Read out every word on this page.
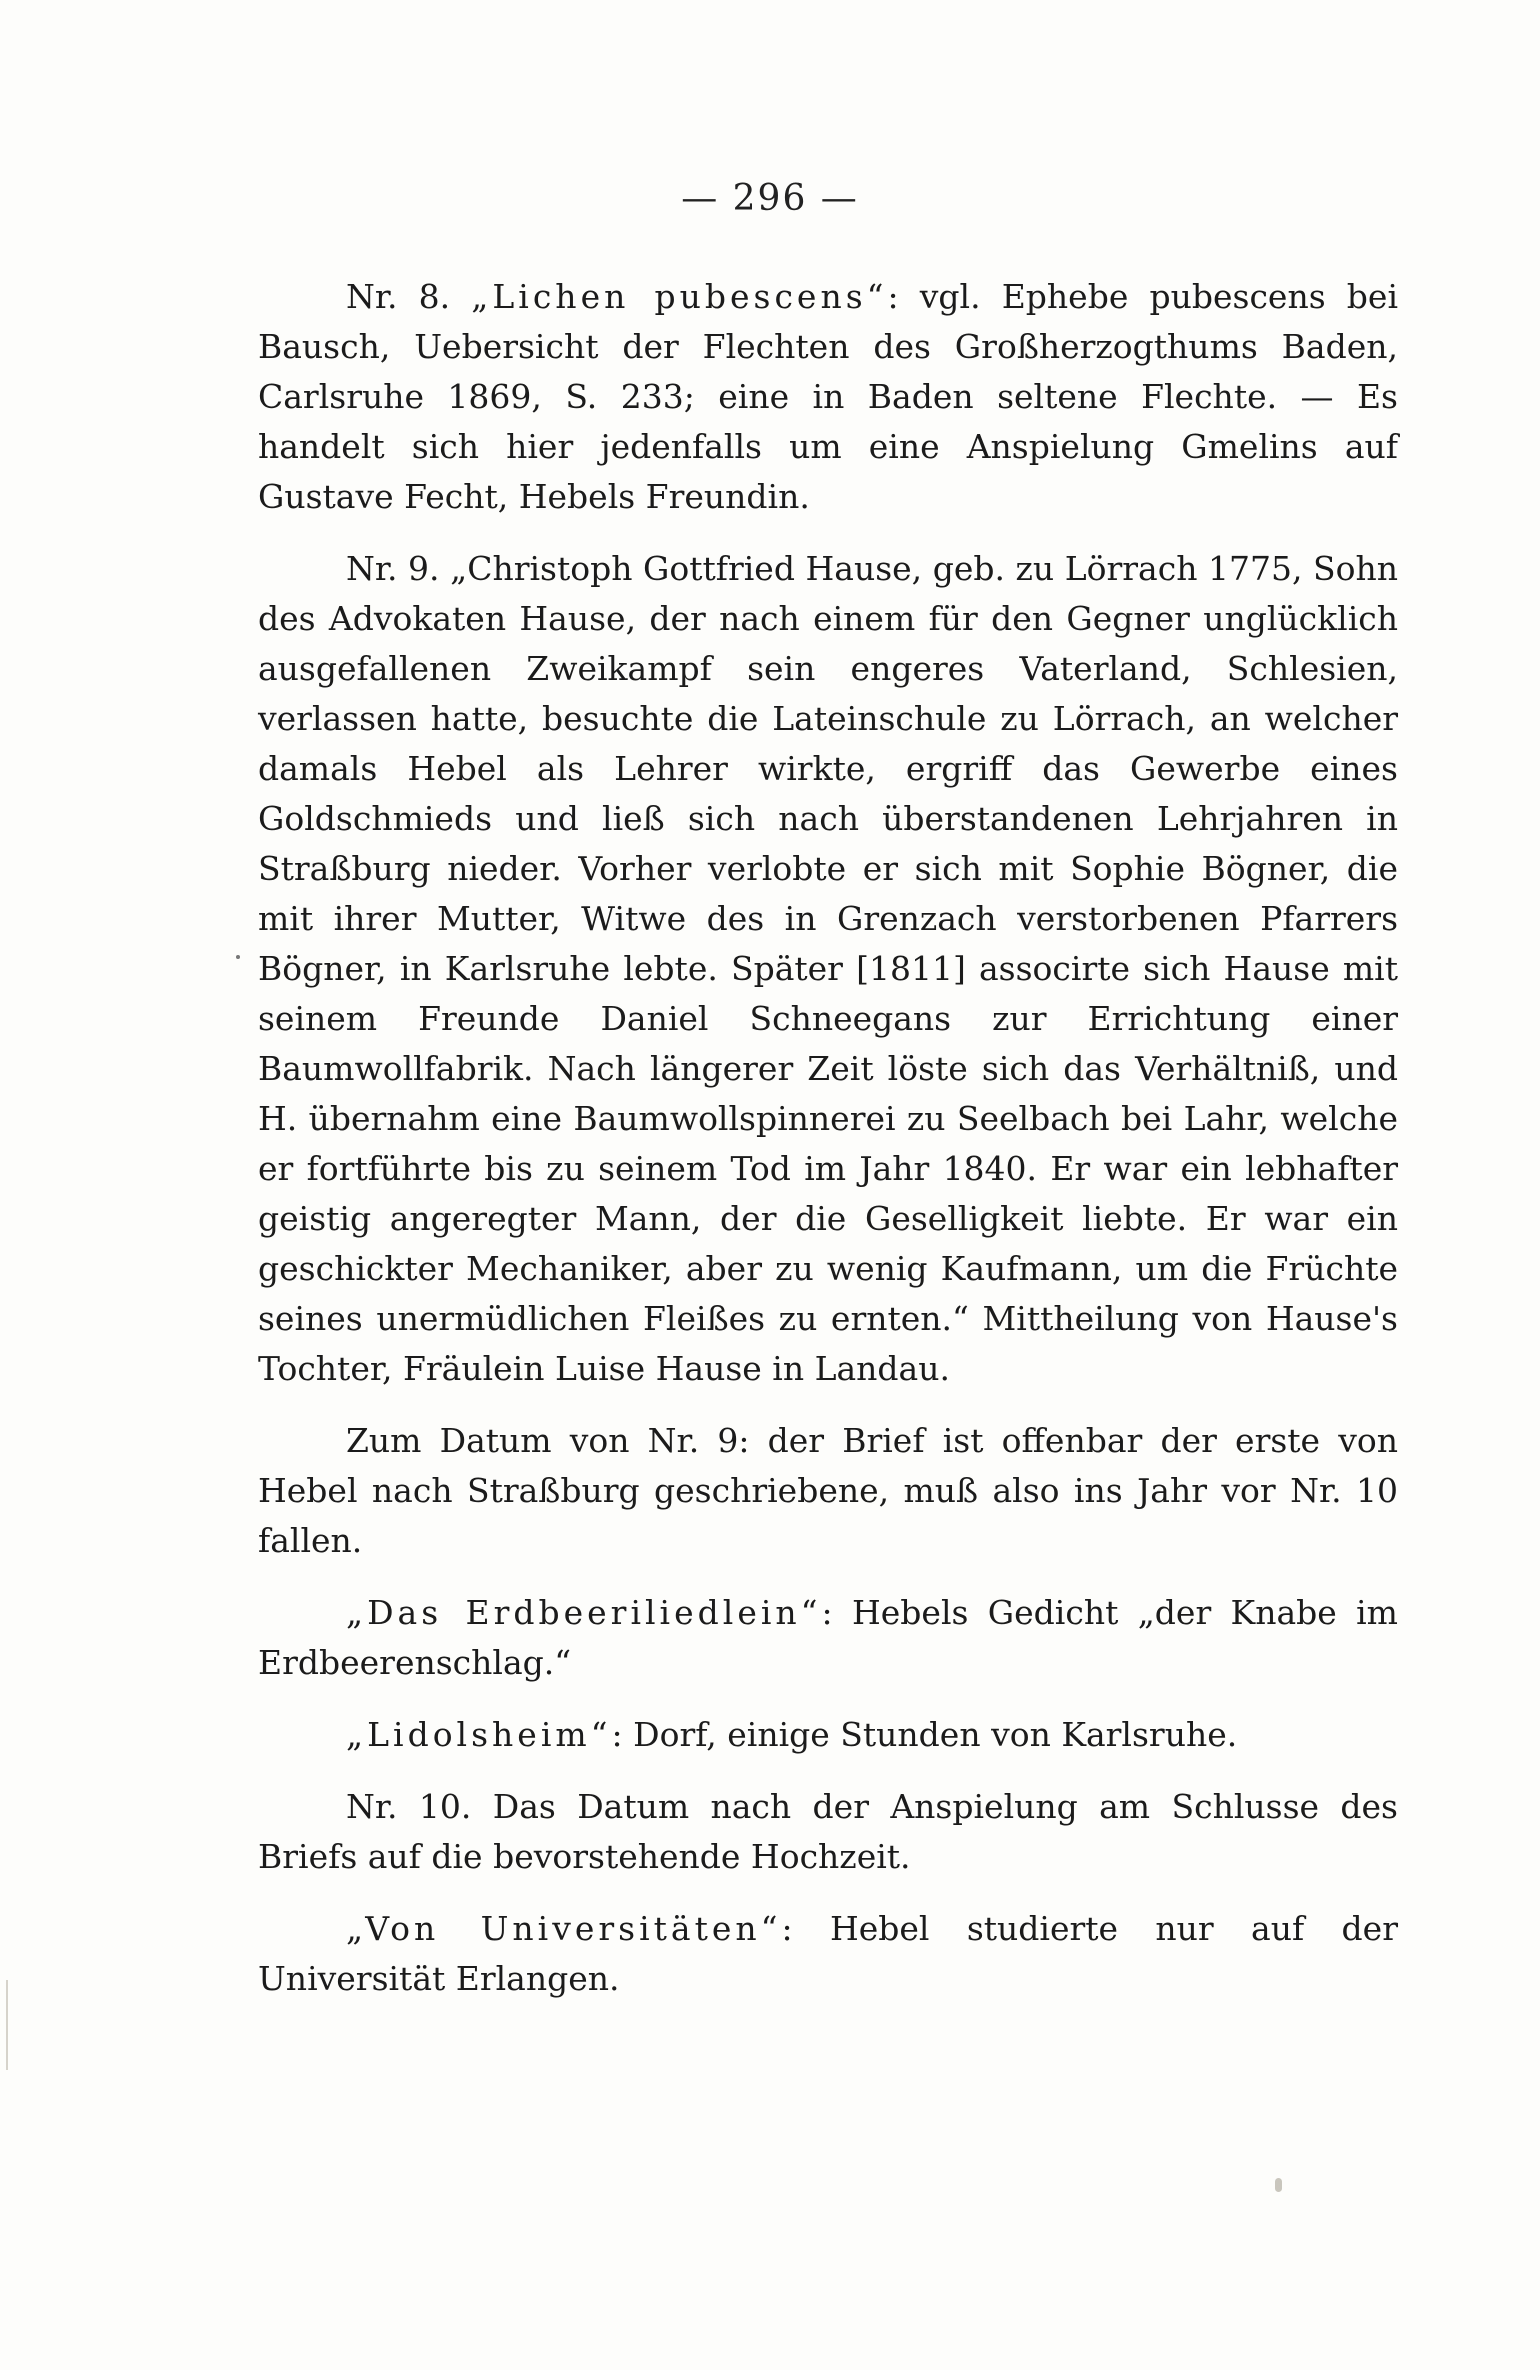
— 296 —

Nr. 8. „Lichen pubescens“: vgl. Ephebe pubescens bei Bausch, Uebersicht der Flechten des Großherzogthums Baden, Carlsruhe 1869, S. 233; eine in Baden seltene Flechte. — Es handelt sich hier jedenfalls um eine Anspielung Gmelins auf Gustave Fecht, Hebels Freundin.

Nr. 9. „Christoph Gottfried Hause, geb. zu Lörrach 1775, Sohn des Advokaten Hause, der nach einem für den Gegner unglücklich ausgefallenen Zweikampf sein engeres Vaterland, Schlesien, verlassen hatte, besuchte die Lateinschule zu Lörrach, an welcher damals Hebel als Lehrer wirkte, ergriff das Gewerbe eines Goldschmieds und ließ sich nach überstandenen Lehrjahren in Straßburg nieder. Vorher verlobte er sich mit Sophie Bögner, die mit ihrer Mutter, Witwe des in Grenzach verstorbenen Pfarrers Bögner, in Karlsruhe lebte. Später [1811] associrte sich Hause mit seinem Freunde Daniel Schneegans zur Errichtung einer Baumwollfabrik. Nach längerer Zeit löste sich das Verhältniß, und H. übernahm eine Baumwollspinnerei zu Seelbach bei Lahr, welche er fortführte bis zu seinem Tod im Jahr 1840. Er war ein lebhafter geistig angeregter Mann, der die Geselligkeit liebte. Er war ein geschickter Mechaniker, aber zu wenig Kaufmann, um die Früchte seines unermüdlichen Fleißes zu ernten.“ Mittheilung von Hause's Tochter, Fräulein Luise Hause in Landau.

Zum Datum von Nr. 9: der Brief ist offenbar der erste von Hebel nach Straßburg geschriebene, muß also ins Jahr vor Nr. 10 fallen.

„Das Erdbeeriliedlein“: Hebels Gedicht „der Knabe im Erdbeerenschlag.“

„Lidolsheim“: Dorf, einige Stunden von Karlsruhe.

Nr. 10. Das Datum nach der Anspielung am Schlusse des Briefs auf die bevorstehende Hochzeit.

„Von Universitäten“: Hebel studierte nur auf der Universität Erlangen.
